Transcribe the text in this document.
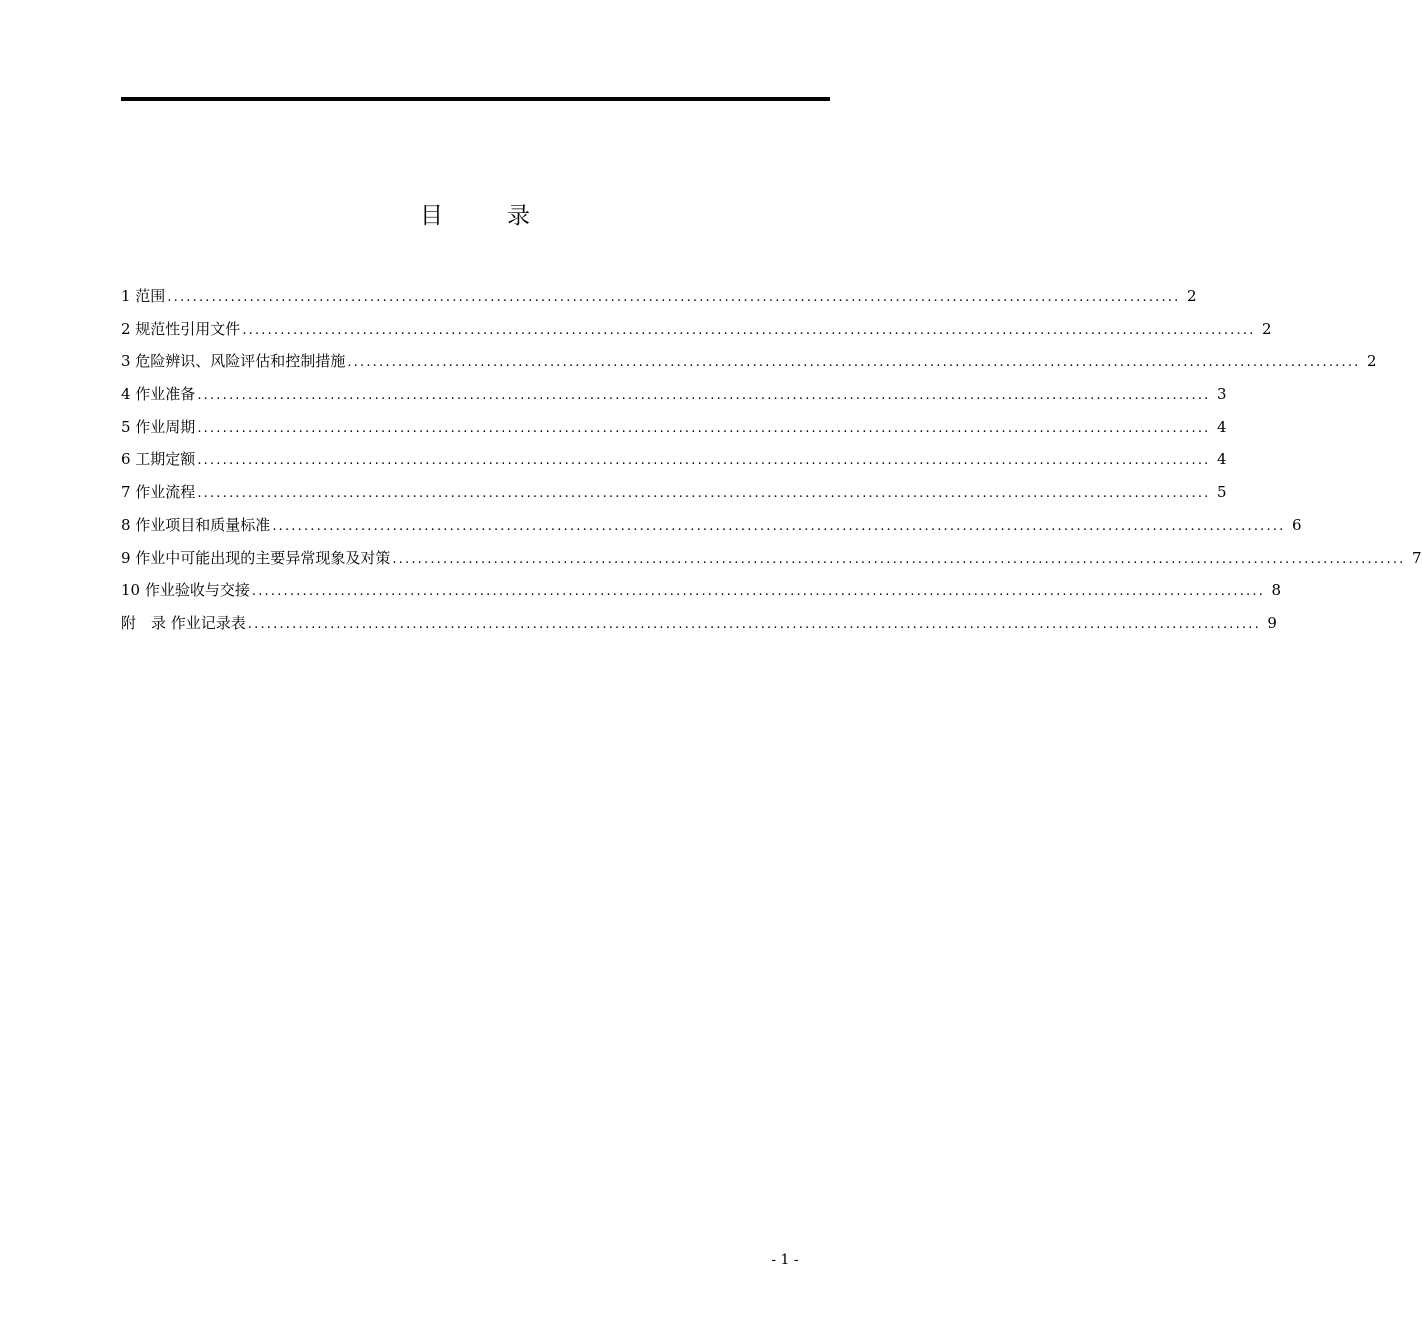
目录
1 范围 ................................................................................................................................................................ 2
2 规范性引用文件 ................................................................................................................................................................ 2
3 危险辨识、风险评估和控制措施 ................................................................................................................................................................ 2
4 作业准备 ................................................................................................................................................................ 3
5 作业周期 ................................................................................................................................................................ 4
6 工期定额 ................................................................................................................................................................ 4
7 作业流程 ................................................................................................................................................................ 5
8 作业项目和质量标准 ................................................................................................................................................................ 6
9 作业中可能出现的主要异常现象及对策 ................................................................................................................................................................ 7
10 作业验收与交接 ................................................................................................................................................................ 8
附　录 作业记录表 ................................................................................................................................................................ 9
- 1 -
